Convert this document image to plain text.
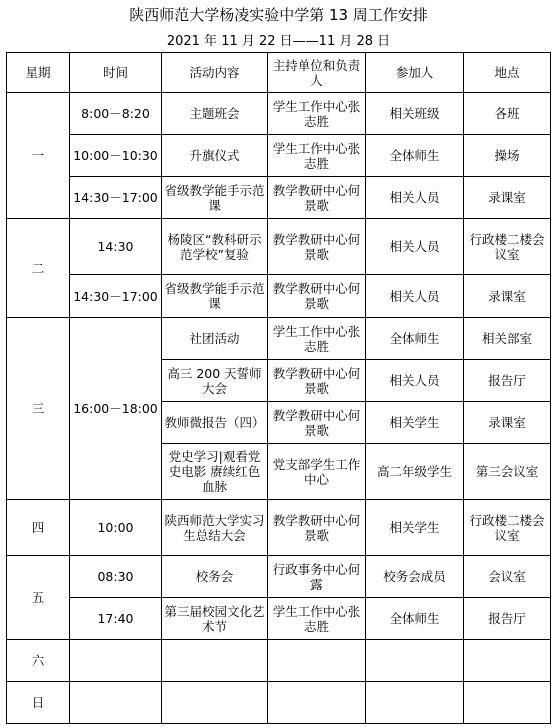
陕西师范大学杨凌实验中学第 13 周工作安排
2021 年 11 月 22 日——11 月 28 日
星期	时间	活动内容	主持单位和负责人	参加人	地点
一	8:00－8:20	主题班会	学生工作中心张志胜	相关班级	各班
	10:00－10:30	升旗仪式	学生工作中心张志胜	全体师生	操场
	14:30－17:00	省级教学能手示范课	教学教研中心何景歌	相关人员	录课室
二	14:30	杨陵区“教科研示范学校”复验	教学教研中心何景歌	相关人员	行政楼二楼会议室
	14:30－17:00	省级教学能手示范课	教学教研中心何景歌	相关人员	录课室
三	16:00－18:00	社团活动	学生工作中心张志胜	全体师生	相关部室
		高三 200 天誓师大会	教学教研中心何景歌	相关人员	报告厅
		教师微报告（四）	教学教研中心何景歌	相关学生	录课室
		党史学习|观看党史电影 赓续红色血脉	党支部学生工作中心	高二年级学生	第三会议室
四	10:00	陕西师范大学实习生总结大会	教学教研中心何景歌	相关学生	行政楼二楼会议室
五	08:30	校务会	行政事务中心何露	校务会成员	会议室
	17:40	第三届校园文化艺术节	学生工作中心张志胜	全体师生	报告厅
六					
日					
